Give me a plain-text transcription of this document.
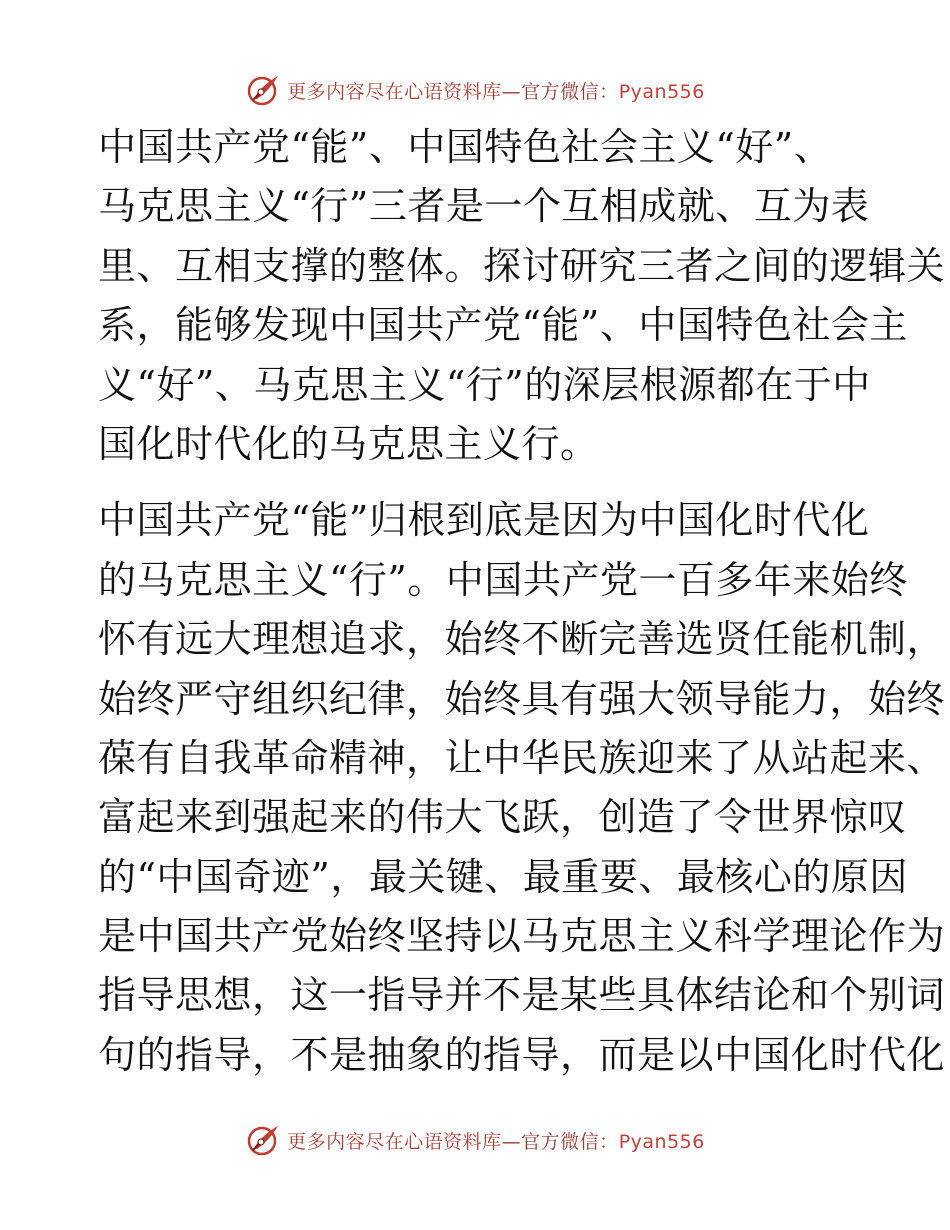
更多内容尽在心语资料库—官方微信：Pyan556

中国共产党“能”、中国特色社会主义“好”、
马克思主义“行”三者是一个互相成就、互为表
里、互相支撑的整体。探讨研究三者之间的逻辑关
系，能够发现中国共产党“能”、中国特色社会主
义“好”、马克思主义“行”的深层根源都在于中
国化时代化的马克思主义行。

中国共产党“能”归根到底是因为中国化时代化
的马克思主义“行”。中国共产党一百多年来始终
怀有远大理想追求，始终不断完善选贤任能机制，
始终严守组织纪律，始终具有强大领导能力，始终
葆有自我革命精神，让中华民族迎来了从站起来、
富起来到强起来的伟大飞跃，创造了令世界惊叹
的“中国奇迹”，最关键、最重要、最核心的原因
是中国共产党始终坚持以马克思主义科学理论作为
指导思想，这一指导并不是某些具体结论和个别词
句的指导，不是抽象的指导，而是以中国化时代化

更多内容尽在心语资料库—官方微信：Pyan556
